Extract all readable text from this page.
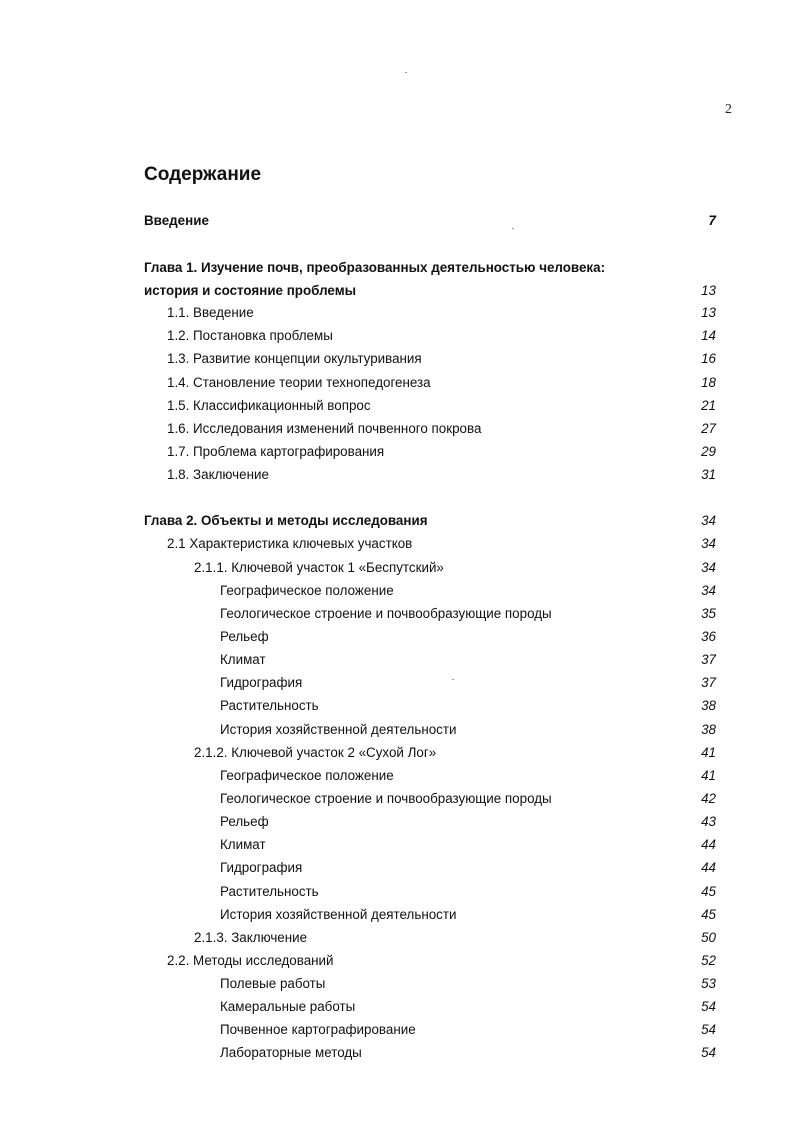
2
Содержание
Введение	7
Глава 1. Изучение почв, преобразованных деятельностью человека:
история и состояние проблемы	13
1.1. Введение	13
1.2. Постановка проблемы	14
1.3. Развитие концепции окультуривания	16
1.4. Становление теории технопедогенеза	18
1.5. Классификационный вопрос	21
1.6. Исследования изменений почвенного покрова	27
1.7. Проблема картографирования	29
1.8. Заключение	31
Глава 2. Объекты и методы исследования	34
2.1 Характеристика ключевых участков	34
2.1.1. Ключевой участок 1 «Беспутский»	34
Географическое положение	34
Геологическое строение и почвообразующие породы	35
Рельеф	36
Климат	37
Гидрография	37
Растительность	38
История хозяйственной деятельности	38
2.1.2. Ключевой участок 2 «Сухой Лог»	41
Географическое положение	41
Геологическое строение и почвообразующие породы	42
Рельеф	43
Климат	44
Гидрография	44
Растительность	45
История хозяйственной деятельности	45
2.1.3. Заключение	50
2.2. Методы исследований	52
Полевые работы	53
Камеральные работы	54
Почвенное картографирование	54
Лабораторные методы	54
